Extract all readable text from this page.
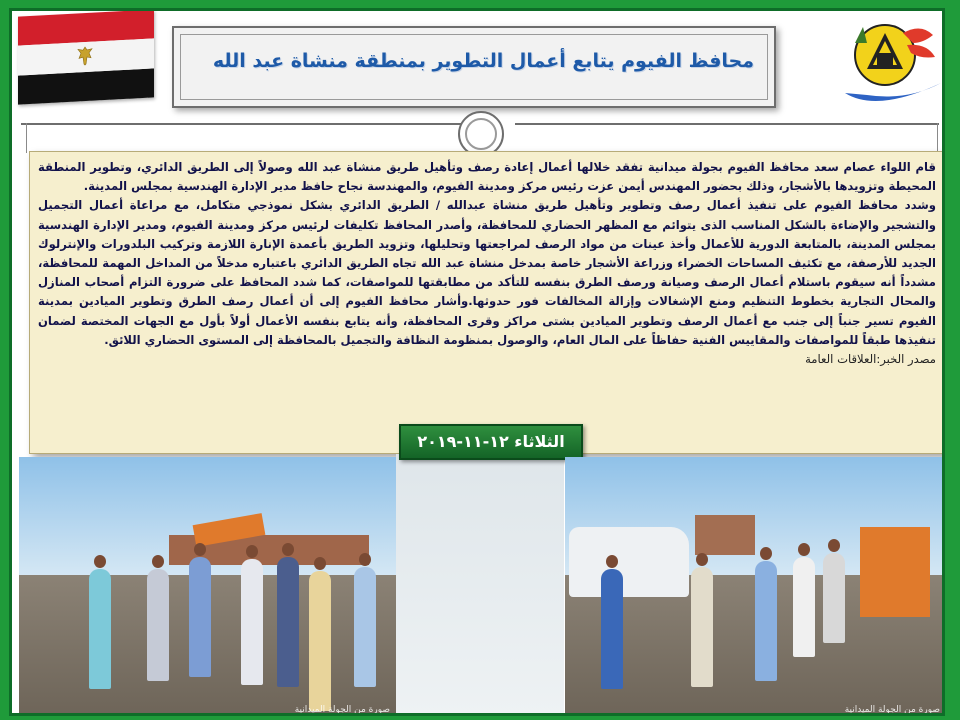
محافظ الفيوم يتابع أعمال التطوير بمنطقة منشاة عبد الله

قام اللواء عصام سعد محافظ الفيوم بجولة ميدانية تفقد خلالها أعمال إعادة رصف وتأهيل طريق منشاة عبد الله وصولاً إلى الطريق الدائري، وتطوير المنطقة المحيطة وتزويدها بالأشجار، وذلك بحضور المهندس أيمن عزت رئيس مركز ومدينة الفيوم، والمهندسة نجاح حافظ مدير الإدارة الهندسية بمجلس المدينة.

وشدد محافظ الفيوم على تنفيذ أعمال رصف وتطوير وتأهيل طريق منشاة عبدالله / الطريق الدائري بشكل نموذجي متكامل، مع مراعاة أعمال التجميل والتشجير والإضاءة بالشكل المناسب الذى يتوائم مع المظهر الحضاري للمحافظة، وأصدر المحافظ تكليفات لرئيس مركز ومدينة الفيوم، ومدير الإدارة الهندسية بمجلس المدينة، بالمتابعة الدورية للأعمال وأخذ عينات من مواد الرصف لمراجعتها وتحليلها، وتزويد الطريق بأعمدة الإنارة اللازمة وتركيب البلدورات والإنترلوك الجديد للأرصفة، مع تكثيف المساحات الخضراء وزراعة الأشجار خاصة بمدخل منشاة عبد الله تجاه الطريق الدائري باعتباره مدخلاً من المداخل المهمة للمحافظة، مشدداً أنه سيقوم باستلام أعمال الرصف وصيانة ورصف الطرق بنفسه للتأكد من مطابقتها للمواصفات، كما شدد المحافظ على ضرورة التزام أصحاب المنازل والمحال التجارية بخطوط التنظيم ومنع الإشغالات وإزالة المخالفات فور حدوثها.وأشار محافظ الفيوم إلى أن أعمال رصف الطرق وتطوير الميادين بمدينة الفيوم تسير جنباً إلى جنب مع أعمال الرصف وتطوير الميادين بشتى مراكز وقرى المحافظة، وأنه يتابع بنفسه الأعمال أولاً بأول مع الجهات المختصة لضمان تنفيذها طبقاً للمواصفات والمقاييس الفنية حفاظاً على المال العام، والوصول بمنظومة النظافة والتجميل بالمحافظة إلى المستوى الحضاري اللائق.

مصدر الخبر:العلاقات العامة

صورة من الجولة الميدانية
الثلاثاء ١٢-١١-٢٠١٩
صورة من الجولة الميدانية
